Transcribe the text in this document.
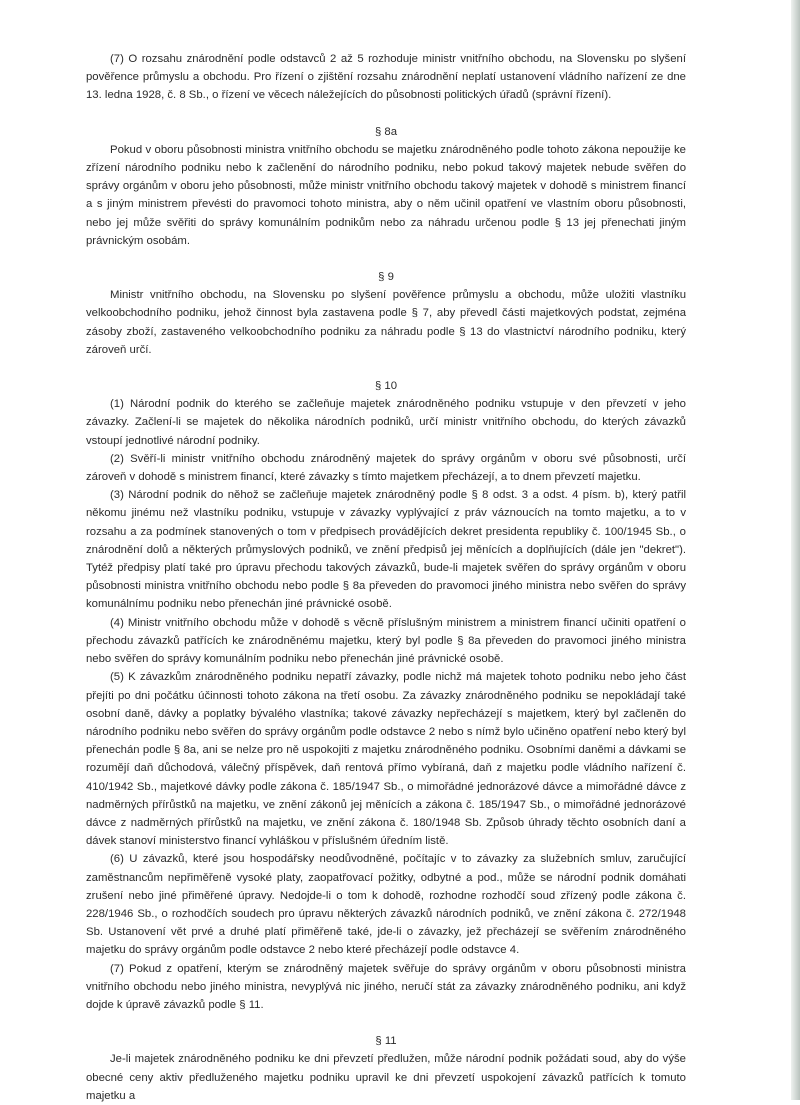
(7) O rozsahu znárodnění podle odstavců 2 až 5 rozhoduje ministr vnitřního obchodu, na Slovensku po slyšení pověřence průmyslu a obchodu. Pro řízení o zjištění rozsahu znárodnění neplatí ustanovení vládního nařízení ze dne 13. ledna 1928, č. 8 Sb., o řízení ve věcech náležejících do působnosti politických úřadů (správní řízení).

§ 8a

Pokud v oboru působnosti ministra vnitřního obchodu se majetku znárodněného podle tohoto zákona nepoužije ke zřízení národního podniku nebo k začlenění do národního podniku, nebo pokud takový majetek nebude svěřen do správy orgánům v oboru jeho působnosti, může ministr vnitřního obchodu takový majetek v dohodě s ministrem financí a s jiným ministrem převésti do pravomoci tohoto ministra, aby o něm učinil opatření ve vlastním oboru působnosti, nebo jej může svěřiti do správy komunálním podnikům nebo za náhradu určenou podle § 13 jej přenechati jiným právnickým osobám.

§ 9

Ministr vnitřního obchodu, na Slovensku po slyšení pověřence průmyslu a obchodu, může uložiti vlastníku velkoobchodního podniku, jehož činnost byla zastavena podle § 7, aby převedl části majetkových podstat, zejména zásoby zboží, zastaveného velkoobchodního podniku za náhradu podle § 13 do vlastnictví národního podniku, který zároveň určí.

§ 10

(1) Národní podnik do kterého se začleňuje majetek znárodněného podniku vstupuje v den převzetí v jeho závazky. Začlení-li se majetek do několika národních podniků, určí ministr vnitřního obchodu, do kterých závazků vstoupí jednotlivé národní podniky.

(2) Svěří-li ministr vnitřního obchodu znárodněný majetek do správy orgánům v oboru své působnosti, určí zároveň v dohodě s ministrem financí, které závazky s tímto majetkem přecházejí, a to dnem převzetí majetku.

(3) Národní podnik do něhož se začleňuje majetek znárodněný podle § 8 odst. 3 a odst. 4 písm. b), který patřil někomu jinému než vlastníku podniku, vstupuje v závazky vyplývající z práv váznoucích na tomto majetku, a to v rozsahu a za podmínek stanovených o tom v předpisech provádějících dekret presidenta republiky č. 100/1945 Sb., o znárodnění dolů a některých průmyslových podniků, ve znění předpisů jej měnících a doplňujících (dále jen "dekret"). Tytéž předpisy platí také pro úpravu přechodu takových závazků, bude-li majetek svěřen do správy orgánům v oboru působnosti ministra vnitřního obchodu nebo podle § 8a převeden do pravomoci jiného ministra nebo svěřen do správy komunálnímu podniku nebo přenechán jiné právnické osobě.

(4) Ministr vnitřního obchodu může v dohodě s věcně příslušným ministrem a ministrem financí učiniti opatření o přechodu závazků patřících ke znárodněnému majetku, který byl podle § 8a převeden do pravomoci jiného ministra nebo svěřen do správy komunálním podniku nebo přenechán jiné právnické osobě.

(5) K závazkům znárodněného podniku nepatří závazky, podle nichž má majetek tohoto podniku nebo jeho část přejíti po dni počátku účinnosti tohoto zákona na třetí osobu. Za závazky znárodněného podniku se nepokládají také osobní daně, dávky a poplatky bývalého vlastníka; takové závazky nepřecházejí s majetkem, který byl začleněn do národního podniku nebo svěřen do správy orgánům podle odstavce 2 nebo s nímž bylo učiněno opatření nebo který byl přenechán podle § 8a, ani se nelze pro ně uspokojiti z majetku znárodněného podniku. Osobními daněmi a dávkami se rozumějí daň důchodová, válečný příspěvek, daň rentová přímo vybíraná, daň z majetku podle vládního nařízení č. 410/1942 Sb., majetkové dávky podle zákona č. 185/1947 Sb., o mimořádné jednorázové dávce a mimořádné dávce z nadměrných přírůstků na majetku, ve znění zákonů jej měnících a zákona č. 185/1947 Sb., o mimořádné jednorázové dávce z nadměrných přírůstků na majetku, ve znění zákona č. 180/1948 Sb. Způsob úhrady těchto osobních daní a dávek stanoví ministerstvo financí vyhláškou v příslušném úředním listě.

(6) U závazků, které jsou hospodářsky neodůvodněné, počítajíc v to závazky za služebních smluv, zaručující zaměstnancům nepřiměřeně vysoké platy, zaopatřovací požitky, odbytné a pod., může se národní podnik domáhati zrušení nebo jiné přiměřené úpravy. Nedojde-li o tom k dohodě, rozhodne rozhodčí soud zřízený podle zákona č. 228/1946 Sb., o rozhodčích soudech pro úpravu některých závazků národních podniků, ve znění zákona č. 272/1948 Sb. Ustanovení vět prvé a druhé platí přiměřeně také, jde-li o závazky, jež přecházejí se svěřením znárodněného majetku do správy orgánům podle odstavce 2 nebo které přecházejí podle odstavce 4.

(7) Pokud z opatření, kterým se znárodněný majetek svěřuje do správy orgánům v oboru působnosti ministra vnitřního obchodu nebo jiného ministra, nevyplývá nic jiného, neručí stát za závazky znárodněného podniku, ani když dojde k úpravě závazků podle § 11.

§ 11

Je-li majetek znárodněného podniku ke dni převzetí předlužen, může národní podnik požádati soud, aby do výše obecné ceny aktiv předluženého majetku podniku upravil ke dni převzetí uspokojení závazků patřících k tomuto majetku a
